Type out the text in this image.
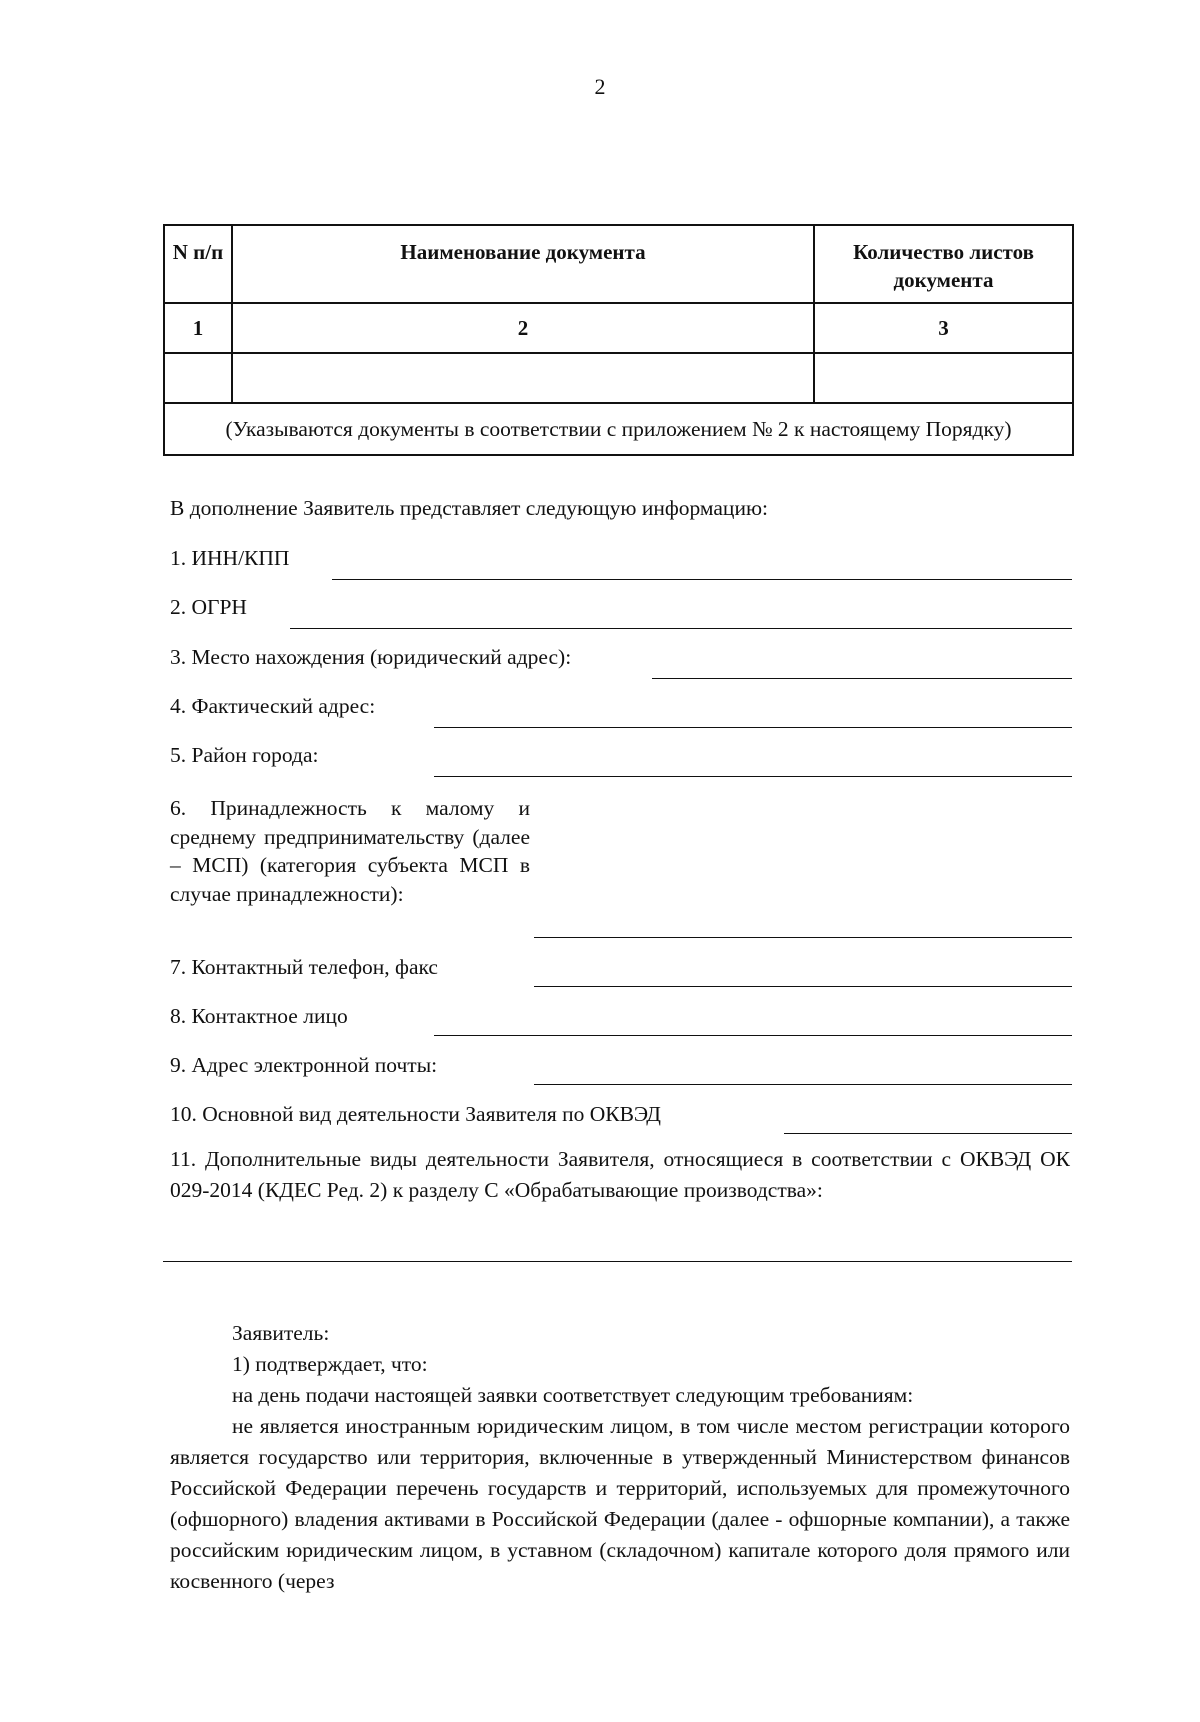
2
N п/п	Наименование документа	Количество листов документа
1	2	3

(Указываются документы в соответствии с приложением № 2 к настоящему Порядку)		
В дополнение Заявитель представляет следующую информацию:
1. ИНН/КПП
2. ОГРН
3. Место нахождения (юридический адрес):
4. Фактический адрес:
5. Район города:
6. Принадлежность к малому и среднему предпринимательству (далее – МСП) (категория субъекта МСП в случае принадлежности):
7. Контактный телефон, факс
8. Контактное лицо
9. Адрес электронной почты:
10. Основной вид деятельности Заявителя по ОКВЭД
11. Дополнительные виды деятельности Заявителя, относящиеся в соответствии с ОКВЭД ОК 029-2014 (КДЕС Ред. 2) к разделу С «Обрабатывающие производства»:
Заявитель:
1) подтверждает, что:
на день подачи настоящей заявки соответствует следующим требованиям:
не является иностранным юридическим лицом, в том числе местом регистрации которого является государство или территория, включенные в утвержденный Министерством финансов Российской Федерации перечень государств и территорий, используемых для промежуточного (офшорного) владения активами в Российской Федерации (далее - офшорные компании), а также российским юридическим лицом, в уставном (складочном) капитале которого доля прямого или косвенного (через
